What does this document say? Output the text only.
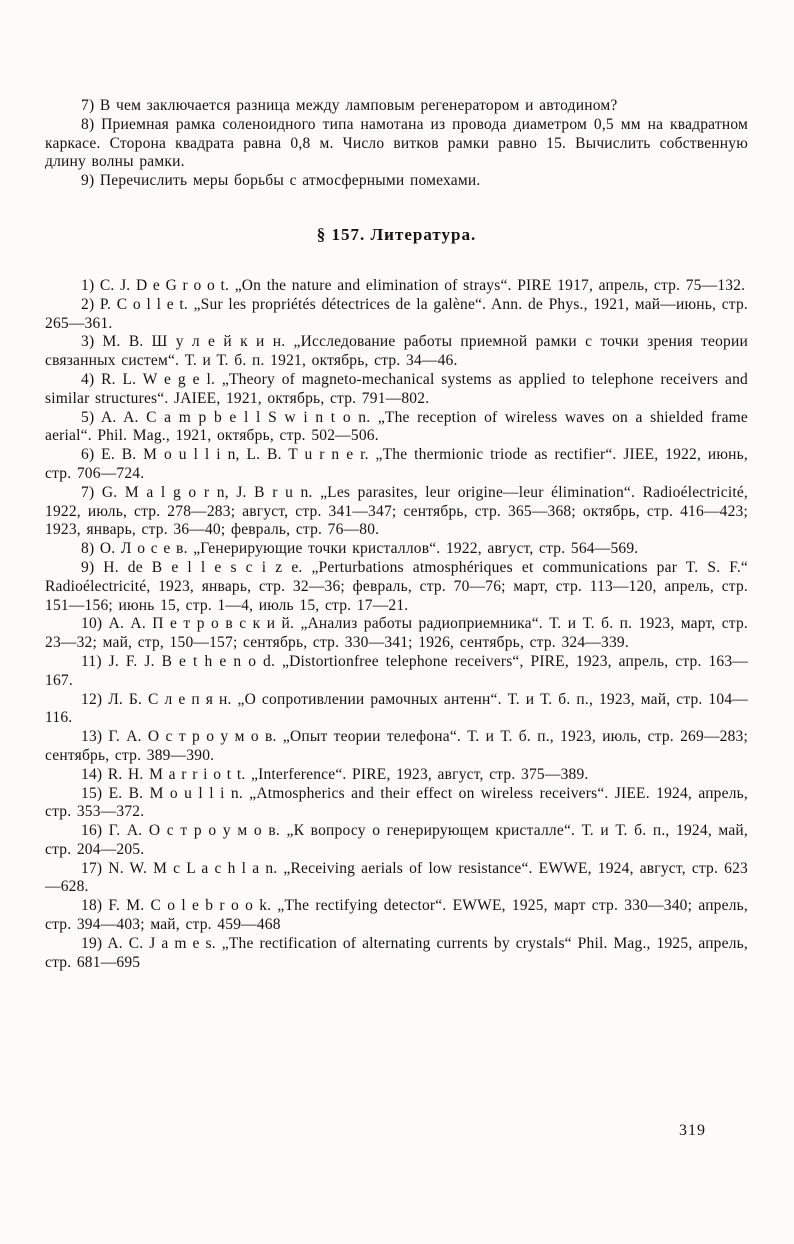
7) В чем заключается разница между ламповым регенератором и автодином?

8) Приемная рамка соленоидного типа намотана из провода диаметром 0,5 мм на квадратном каркасе. Сторона квадрата равна 0,8 м. Число витков рамки равно 15. Вычислить собственную длину волны рамки.

9) Перечислить меры борьбы с атмосферными помехами.

§ 157. Литература.

1) C. J. D e G r o o t. „On the nature and elimination of strays“. PIRE 1917, апрель, стр. 75—132.

2) P. C o l l e t. „Sur les propriétés détectrices de la galène“. Ann. de Phys., 1921, май—июнь, стр. 265—361.

3) М. В. Ш у л е й к и н. „Исследование работы приемной рамки с точки зрения теории связанных систем“. Т. и Т. б. п. 1921, октябрь, стр. 34—46.

4) R. L. W e g e l. „Theory of magneto-mechanical systems as applied to telephone receivers and similar structures“. JAIEE, 1921, октябрь, стр. 791—802.

5) A. A. C a m p b e l l S w i n t o n. „The reception of wireless waves on a shielded frame aerial“. Phil. Mag., 1921, октябрь, стр. 502—506.

6) E. B. M o u l l i n, L. B. T u r n e r. „The thermionic triode as rectifier“. JIEE, 1922, июнь, стр. 706—724.

7) G. M a l g o r n, J. B r u n. „Les parasites, leur origine—leur élimination“. Radioélectricité, 1922, июль, стр. 278—283; август, стр. 341—347; сентябрь, стр. 365—368; октябрь, стр. 416—423; 1923, январь, стр. 36—40; февраль, стр. 76—80.

8) О. Л о с е в. „Генерирующие точки кристаллов“. 1922, август, стр. 564—569.

9) H. de B e l l e s c i z e. „Perturbations atmosphériques et communications par T. S. F.“ Radioélectricité, 1923, январь, стр. 32—36; февраль, стр. 70—76; март, стр. 113—120, апрель, стр. 151—156; июнь 15, стр. 1—4, июль 15, стр. 17—21.

10) А. А. П е т р о в с к и й. „Анализ работы радиоприемника“. Т. и Т. б. п. 1923, март, стр. 23—32; май, стр, 150—157; сентябрь, стр. 330—341; 1926, сентябрь, стр. 324—339.

11) J. F. J. B e t h e n o d. „Distortionfree telephone receivers“, PIRE, 1923, апрель, стр. 163—167.

12) Л. Б. С л е п я н. „О сопротивлении рамочных антенн“. Т. и Т. б. п., 1923, май, стр. 104—116.

13) Г. А. О с т р о у м о в. „Опыт теории телефона“. Т. и Т. б. п., 1923, июль, стр. 269—283; сентябрь, стр. 389—390.

14) R. H. M a r r i o t t. „Interference“. PIRE, 1923, август, стр. 375—389.

15) E. B. M o u l l i n. „Atmospherics and their effect on wireless receivers“. JIEE. 1924, апрель, стр. 353—372.

16) Г. А. О с т р о у м о в. „К вопросу о генерирующем кристалле“. Т. и Т. б. п., 1924, май, стр. 204—205.

17) N. W. M c L a c h l a n. „Receiving aerials of low resistance“. EWWE, 1924, август, стр. 623—628.

18) F. M. C o l e b r o o k. „The rectifying detector“. EWWE, 1925, март стр. 330—340; апрель, стр. 394—403; май, стр. 459—468

19) A. C. J a m e s. „The rectification of alternating currents by crystals“ Phil. Mag., 1925, апрель, стр. 681—695

319
